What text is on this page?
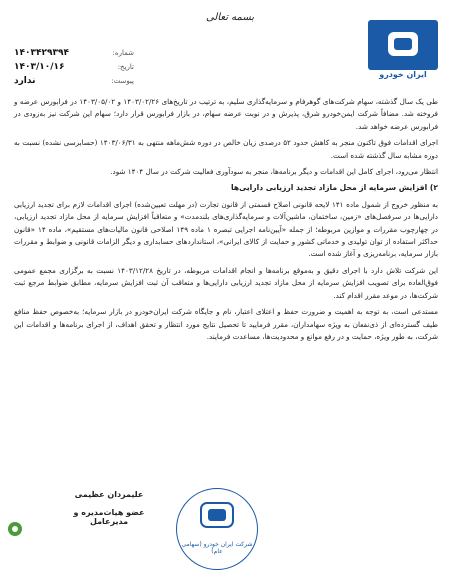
بسمه تعالی
ایران خودرو
شماره:
۱۴۰۳۴۲۹۳۹۴
تاریخ:
۱۴۰۳/۱۰/۱۶
پیوست:
ندارد

طی یک سال گذشته، سهام شرکت‌های گوهرفام و سرمایه‌گذاری سلیم، به ترتیب در تاریخ‌های ۱۴۰۳/۰۲/۲۶ و ۱۴۰۳/۰۵/۰۲ در فرابورس عرضه و فروخته شد. مضافاً شرکت ایمن‌خودرو شرق، پذیرش و در نوبت عرضه سهام، در بازار فرابورس قرار دارد؛ سهام این شرکت نیز به‌زودی در فرابورس عرضه خواهد شد.

اجرای اقدامات فوق تاکنون منجر به کاهش حدود ۵۲ درصدی زیان خالص در دوره شش‌ماهه منتهی به ۱۴۰۳/۰۶/۳۱ (حسابرسی نشده) نسبت به دوره مشابه سال گذشته شده است.

انتظار می‌رود، اجرای کامل این اقدامات و دیگر برنامه‌ها، منجر به سودآوری فعالیت شرکت در سال ۱۴۰۴ شود.

۲) افزایش سرمایه از محل مازاد تجدید ارزیابی دارایی‌ها

به منظور خروج از شمول ماده ۱۴۱ لایحه قانونی اصلاح قسمتی از قانون تجارت (در مهلت تعیین‌شده) اجرای اقدامات لازم برای تجدید ارزیابی دارایی‌ها در سرفصل‌های «زمین، ساختمان، ماشین‌آلات و سرمایه‌گذاری‌های بلندمدت» و متعاقباً افزایش سرمایه از محل مازاد تجدید ارزیابی، در چهارچوب مقررات و موازین مربوطه؛ از جمله «آیین‌نامه اجرایی تبصره ۱ ماده ۱۴۹ اصلاحی قانون مالیات‌های مستقیم»، ماده ۱۴ «قانون حداکثر استفاده از توان تولیدی و خدماتی کشور و حمایت از کالای ایرانی»، استانداردهای حسابداری و دیگر الزامات قانونی و ضوابط و مقررات بازار سرمایه، برنامه‌ریزی و آغاز شده است.

این شرکت تلاش دارد با اجرای دقیق و به‌موقع برنامه‌ها و انجام اقدامات مربوطه، در تاریخ ۱۴۰۳/۱۲/۲۸ نسبت به برگزاری مجمع عمومی فوق‌العاده برای تصویب افزایش سرمایه از محل مازاد تجدید ارزیابی دارایی‌ها و متعاقب آن ثبت افزایش سرمایه، مطابق ضوابط مرجع ثبت شرکت‌ها، در موعد مقرر اقدام کند.

مستدعی است، به توجه به اهمیت و ضرورت حفظ و اعتلای اعتبار، نام و جایگاه شرکت ایران‌خودرو در بازار سرمایه؛ به‌خصوص حفظ منافع طیف گسترده‌ای از ذی‌نفعان به ویژه سهامداران، مقرر فرمایید تا تحصیل نتایج مورد انتظار و تحقق اهداف، از اجرای برنامه‌ها و اقدامات این شرکت، به طور ویژه، حمایت و در رفع موانع و محدودیت‌ها، مساعدت فرمایند.

شرکت ایران خودرو (سهامی عام)
علیمردان عظیمی
عضو هیات‌مدیره و مدیرعامل
